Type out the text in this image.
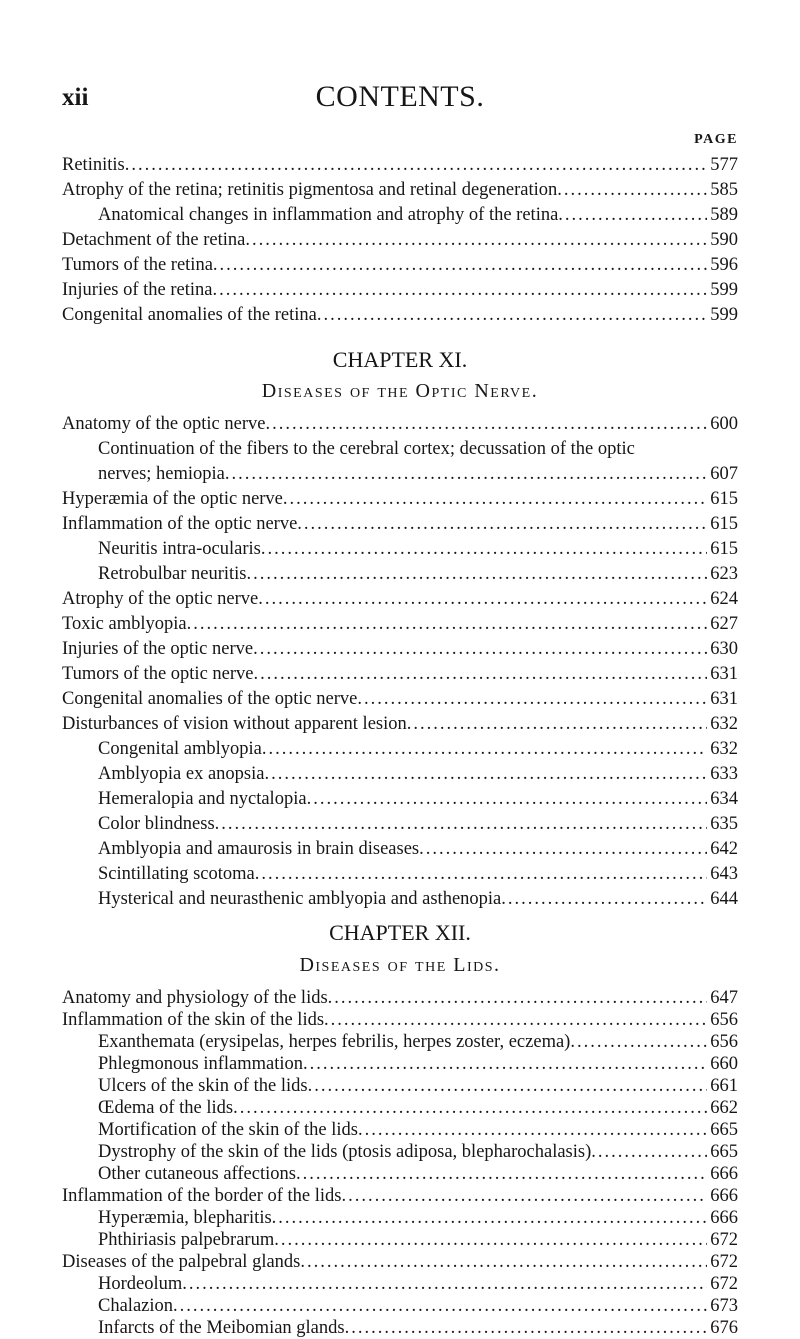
xii	CONTENTS.
PAGE
Retinitis .....	577
Atrophy of the retina; retinitis pigmentosa and retinal degeneration .....	585
Anatomical changes in inflammation and atrophy of the retina .....	589
Detachment of the retina .....	590
Tumors of the retina .....	596
Injuries of the retina .....	599
Congenital anomalies of the retina .....	599
CHAPTER XI.
Diseases of the Optic Nerve.
Anatomy of the optic nerve .....	600
Continuation of the fibers to the cerebral cortex; decussation of the optic
nerves; hemiopia .....	607
Hyperæmia of the optic nerve .....	615
Inflammation of the optic nerve .....	615
Neuritis intra-ocularis .....	615
Retrobulbar neuritis .....	623
Atrophy of the optic nerve .....	624
Toxic amblyopia .....	627
Injuries of the optic nerve .....	630
Tumors of the optic nerve .....	631
Congenital anomalies of the optic nerve .....	631
Disturbances of vision without apparent lesion .....	632
Congenital amblyopia .....	632
Amblyopia ex anopsia .....	633
Hemeralopia and nyctalopia .....	634
Color blindness .....	635
Amblyopia and amaurosis in brain diseases .....	642
Scintillating scotoma .....	643
Hysterical and neurasthenic amblyopia and asthenopia .....	644
CHAPTER XII.
Diseases of the Lids.
Anatomy and physiology of the lids .....	647
Inflammation of the skin of the lids .....	656
Exanthemata (erysipelas, herpes febrilis, herpes zoster, eczema) .....	656
Phlegmonous inflammation .....	660
Ulcers of the skin of the lids .....	661
Œdema of the lids .....	662
Mortification of the skin of the lids .....	665
Dystrophy of the skin of the lids (ptosis adiposa, blepharochalasis) .....	665
Other cutaneous affections .....	666
Inflammation of the border of the lids .....	666
Hyperæmia, blepharitis .....	666
Phthiriasis palpebrarum .....	672
Diseases of the palpebral glands .....	672
Hordeolum .....	672
Chalazion .....	673
Infarcts of the Meibomian glands .....	676
